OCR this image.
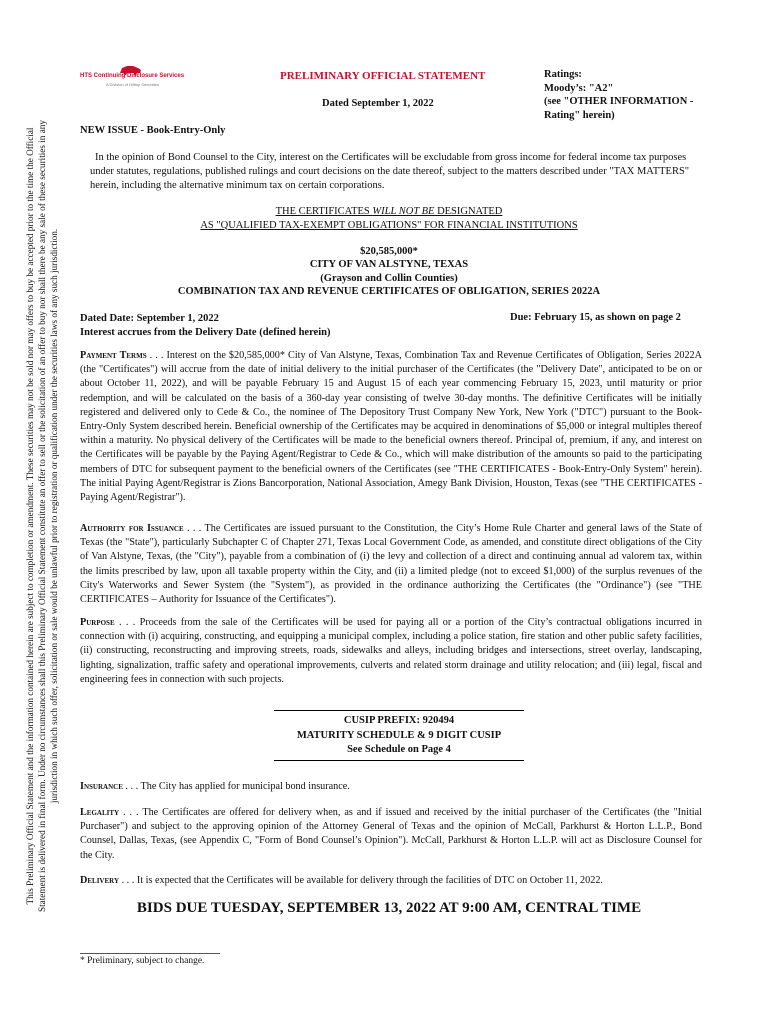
This Preliminary Official Statement and the information contained herein are subject to completion or amendment. These securities may not be sold nor may offers to buy be accepted prior to the time the Official Statement is delivered in final form. Under no circumstances shall this Preliminary Official Statement constitute an offer to sell or the solicitation of an offer to buy nor shall there be any sale of these securities in any jurisdiction in which such offer, solicitation or sale would be unlawful prior to registration or qualification under the securities laws of any such jurisdiction.
HTS Continuing Disclosure Services
A Division of Hilltop Securities
PRELIMINARY OFFICIAL STATEMENT
Dated September 1, 2022
Ratings:
Moody’s: "A2"
(see "OTHER INFORMATION -
Rating" herein)
NEW ISSUE - Book-Entry-Only
In the opinion of Bond Counsel to the City, interest on the Certificates will be excludable from gross income for federal income tax purposes under statutes, regulations, published rulings and court decisions on the date thereof, subject to the matters described under "TAX MATTERS" herein, including the alternative minimum tax on certain corporations.
THE CERTIFICATES WILL NOT BE DESIGNATED
AS "QUALIFIED TAX-EXEMPT OBLIGATIONS" FOR FINANCIAL INSTITUTIONS
$20,585,000*
CITY OF VAN ALSTYNE, TEXAS
(Grayson and Collin Counties)
COMBINATION TAX AND REVENUE CERTIFICATES OF OBLIGATION, SERIES 2022A
Dated Date: September 1, 2022
Interest accrues from the Delivery Date (defined herein)
Due: February 15, as shown on page 2
Payment Terms . . . Interest on the $20,585,000* City of Van Alstyne, Texas, Combination Tax and Revenue Certificates of Obligation, Series 2022A (the "Certificates") will accrue from the date of initial delivery to the initial purchaser of the Certificates (the "Delivery Date", anticipated to be on or about October 11, 2022), and will be payable February 15 and August 15 of each year commencing February 15, 2023, until maturity or prior redemption, and will be calculated on the basis of a 360-day year consisting of twelve 30-day months. The definitive Certificates will be initially registered and delivered only to Cede & Co., the nominee of The Depository Trust Company New York, New York ("DTC") pursuant to the Book-Entry-Only System described herein. Beneficial ownership of the Certificates may be acquired in denominations of $5,000 or integral multiples thereof within a maturity. No physical delivery of the Certificates will be made to the beneficial owners thereof. Principal of, premium, if any, and interest on the Certificates will be payable by the Paying Agent/Registrar to Cede & Co., which will make distribution of the amounts so paid to the participating members of DTC for subsequent payment to the beneficial owners of the Certificates (see "THE CERTIFICATES - Book-Entry-Only System" herein). The initial Paying Agent/Registrar is Zions Bancorporation, National Association, Amegy Bank Division, Houston, Texas (see "THE CERTIFICATES - Paying Agent/Registrar").
Authority for Issuance . . . The Certificates are issued pursuant to the Constitution, the City’s Home Rule Charter and general laws of the State of Texas (the "State"), particularly Subchapter C of Chapter 271, Texas Local Government Code, as amended, and constitute direct obligations of the City of Van Alstyne, Texas, (the "City"), payable from a combination of (i) the levy and collection of a direct and continuing annual ad valorem tax, within the limits prescribed by law, upon all taxable property within the City, and (ii) a limited pledge (not to exceed $1,000) of the surplus revenues of the City's Waterworks and Sewer System (the "System"), as provided in the ordinance authorizing the Certificates (the "Ordinance") (see "THE CERTIFICATES – Authority for Issuance of the Certificates").
Purpose . . . Proceeds from the sale of the Certificates will be used for paying all or a portion of the City’s contractual obligations incurred in connection with (i) acquiring, constructing, and equipping a municipal complex, including a police station, fire station and other public safety facilities, (ii) constructing, reconstructing and improving streets, roads, sidewalks and alleys, including bridges and intersections, street overlay, landscaping, lighting, signalization, traffic safety and operational improvements, culverts and related storm drainage and utility relocation; and (iii) legal, fiscal and engineering fees in connection with such projects.
CUSIP PREFIX: 920494
MATURITY SCHEDULE & 9 DIGIT CUSIP
See Schedule on Page 4
Insurance . . . The City has applied for municipal bond insurance.
Legality . . . The Certificates are offered for delivery when, as and if issued and received by the initial purchaser of the Certificates (the "Initial Purchaser") and subject to the approving opinion of the Attorney General of Texas and the opinion of McCall, Parkhurst & Horton L.L.P., Bond Counsel, Dallas, Texas, (see Appendix C, "Form of Bond Counsel’s Opinion"). McCall, Parkhurst & Horton L.L.P. will act as Disclosure Counsel for the City.
Delivery . . . It is expected that the Certificates will be available for delivery through the facilities of DTC on October 11, 2022.
BIDS DUE TUESDAY, SEPTEMBER 13, 2022 AT 9:00 AM, CENTRAL TIME
* Preliminary, subject to change.
